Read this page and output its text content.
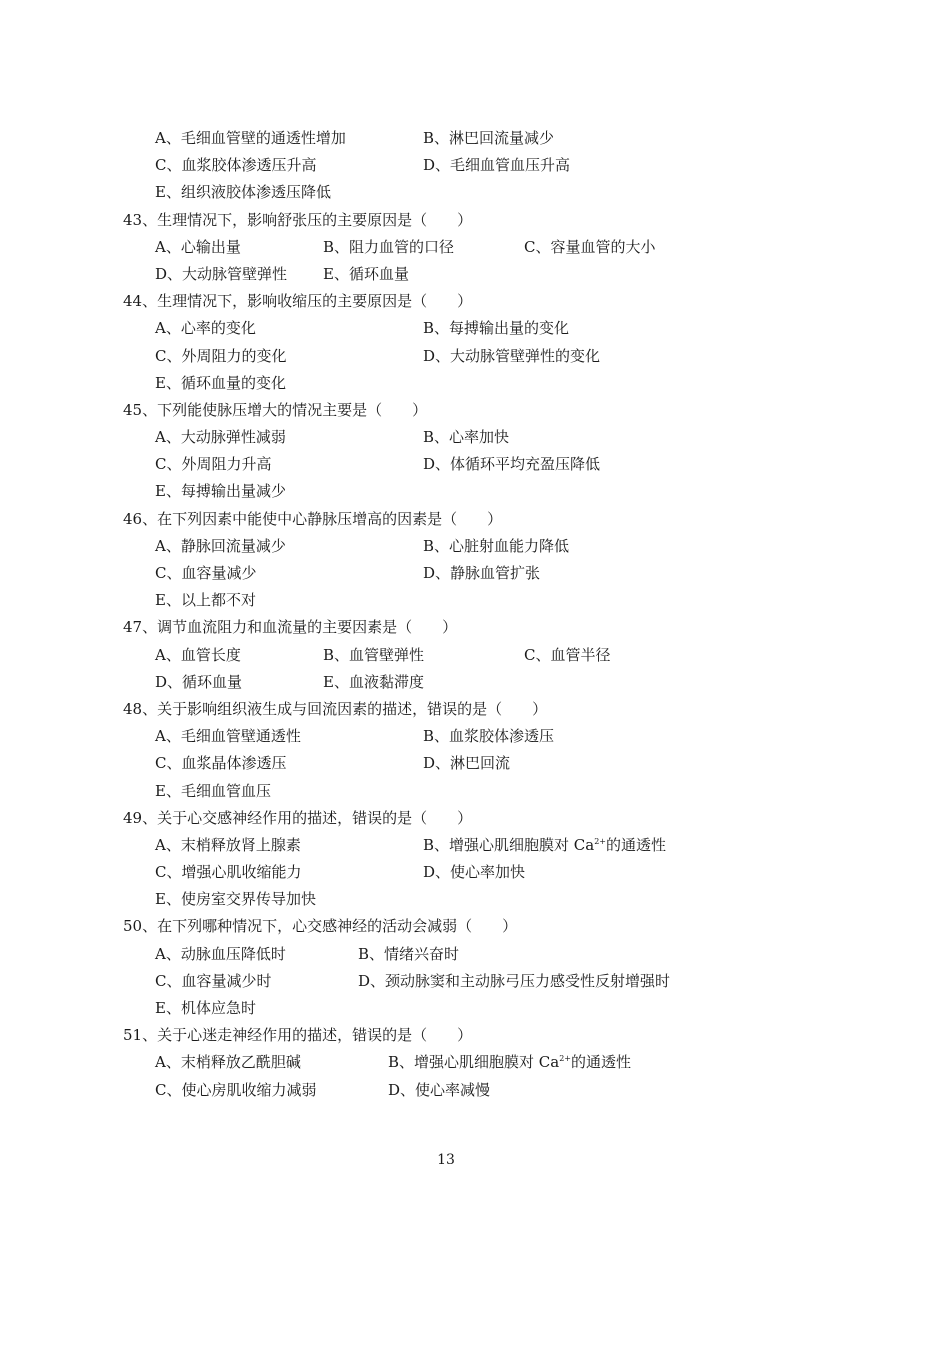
A、毛细血管壁的通透性增加	B、淋巴回流量减少
C、血浆胶体渗透压升高	D、毛细血管血压升高
E、组织液胶体渗透压降低
43、生理情况下，影响舒张压的主要原因是（　　）
A、心输出量	B、阻力血管的口径	C、容量血管的大小
D、大动脉管壁弹性 E、循环血量
44、生理情况下，影响收缩压的主要原因是（　　）
A、心率的变化	B、每搏输出量的变化
C、外周阻力的变化	D、大动脉管壁弹性的变化
E、循环血量的变化
45、下列能使脉压增大的情况主要是（　　）
A、大动脉弹性减弱	B、心率加快
C、外周阻力升高	D、体循环平均充盈压降低
E、每搏输出量减少
46、在下列因素中能使中心静脉压增高的因素是（　　）
A、静脉回流量减少	B、心脏射血能力降低
C、血容量减少	D、静脉血管扩张
E、以上都不对
47、调节血流阻力和血流量的主要因素是（　　）
A、血管长度	B、血管壁弹性	C、血管半径
D、循环血量	E、血液黏滞度
48、关于影响组织液生成与回流因素的描述，错误的是（　　）
A、毛细血管壁通透性	B、血浆胶体渗透压
C、血浆晶体渗透压	D、淋巴回流
E、毛细血管血压
49、关于心交感神经作用的描述，错误的是（　　）
A、末梢释放肾上腺素	B、增强心肌细胞膜对 $Ca^{2+}$的通透性
C、增强心肌收缩能力	D、使心率加快
E、使房室交界传导加快
50、在下列哪种情况下，心交感神经的活动会减弱（　　）
A、动脉血压降低时	B、情绪兴奋时
C、血容量减少时	D、颈动脉窦和主动脉弓压力感受性反射增强时
E、机体应急时
51、关于心迷走神经作用的描述，错误的是（　　）
A、末梢释放乙酰胆碱	B、增强心肌细胞膜对 $Ca^{2+}$的通透性
C、使心房肌收缩力减弱	D、使心率减慢
13
